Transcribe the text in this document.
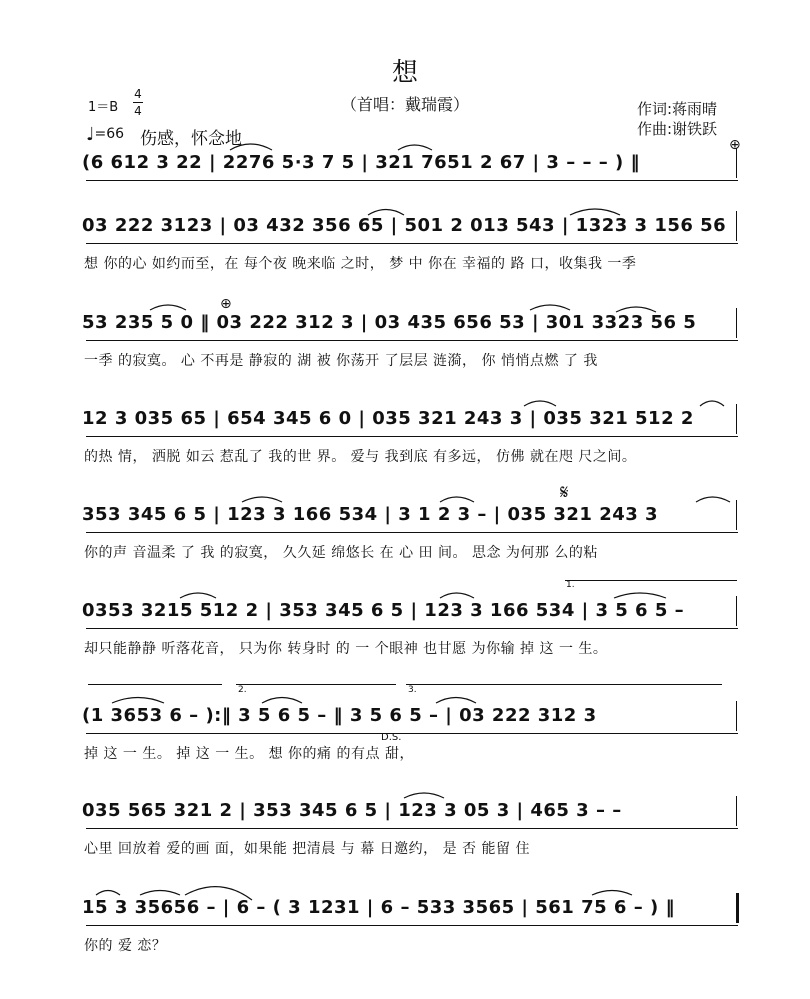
想
（首唱：戴瑞霞）
1＝B
4
4
♩=66 伤感，怀念地
作词:蒋雨晴
作曲:谢铁跃
(6 612 3 22 | 2276 5·3 7 5 | 321 7651 2 67 | 3 – – – ) ‖
03 222 3123 | 03 432 356 65 | 501 2 013 543 | 1323 3 156 56
想 你的心 如约而至，在 每个夜 晚来临 之时， 梦 中 你在 幸福的 路 口，收集我 一季
53 235 5 0 ‖ 03 222 312 3 | 03 435 656 53 | 301 3323 56 5
一季 的寂寞。 心 不再是 静寂的 湖 被 你荡开 了层层 涟漪， 你 悄悄点燃 了 我
12 3 035 65 | 654 345 6 0 | 035 321 243 3 | 035 321 512 2
的热 情， 洒脱 如云 惹乱了 我的世 界。 爱与 我到底 有多远， 仿佛 就在咫 尺之间。
353 345 6 5 | 123 3 166 534 | 3 1 2 3 – | 035 321 243 3
你的声 音温柔 了 我 的寂寞， 久久延 绵悠长 在 心 田 间。 思念 为何那 么的粘
0353 3215 512 2 | 353 345 6 5 | 123 3 166 534 | 3 5 6 5 –
却只能静静 听落花音， 只为你 转身时 的 一 个眼神 也甘愿 为你输 掉 这 一 生。
(1 3653 6 – ):‖ 3 5 6 5 – ‖ 3 5 6 5 – | 03 222 312 3
掉 这 一 生。 掉 这 一 生。 想 你的痛 的有点 甜，
035 565 321 2 | 353 345 6 5 | 123 3 05 3 | 465 3 – –
心里 回放着 爱的画 面，如果能 把清晨 与 幕 日邀约， 是 否 能留 住
15 3 35656 – | 6 – ( 3 1231 | 6 – 533 3565 | 561 75 6 – ) ‖
你的 爱 恋？
⊕
⊕
𝄋
D.S.
1.
2.	3.
